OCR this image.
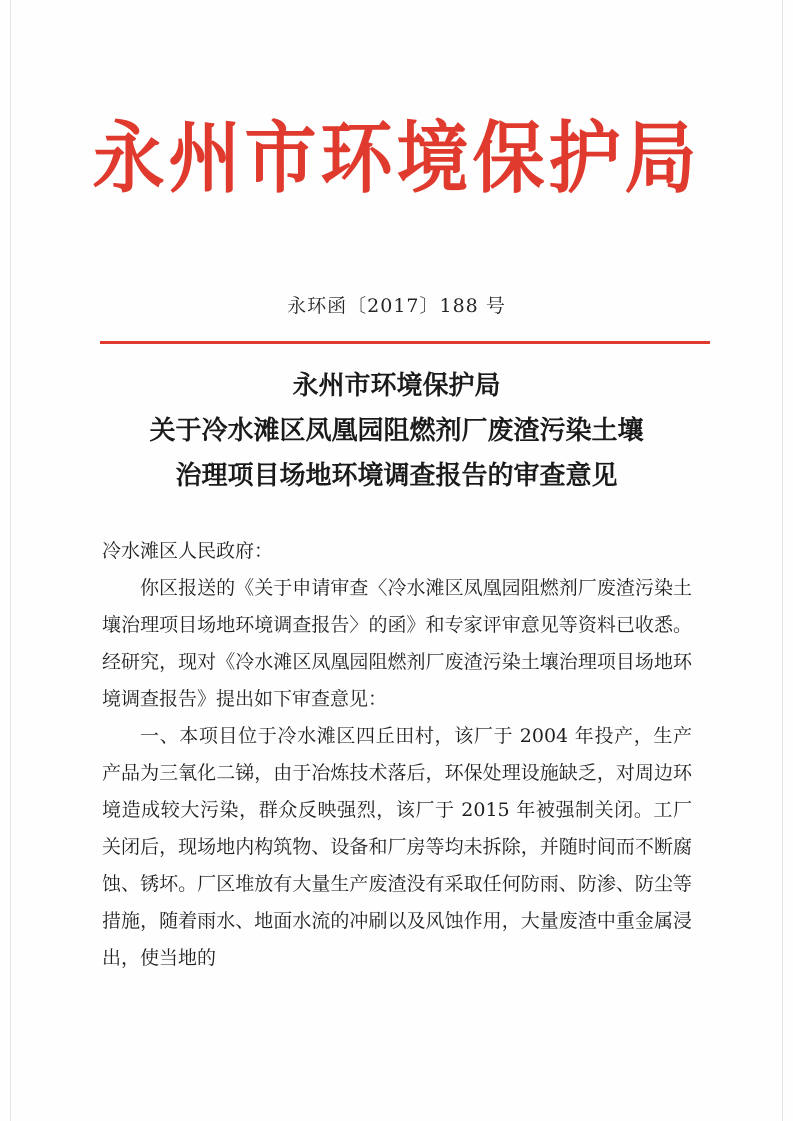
永州市环境保护局
永环函〔2017〕188 号
永州市环境保护局
关于冷水滩区凤凰园阻燃剂厂废渣污染土壤
治理项目场地环境调查报告的审查意见
冷水滩区人民政府：

你区报送的《关于申请审查〈冷水滩区凤凰园阻燃剂厂废渣污染土壤治理项目场地环境调查报告〉的函》和专家评审意见等资料已收悉。经研究，现对《冷水滩区凤凰园阻燃剂厂废渣污染土壤治理项目场地环境调查报告》提出如下审查意见：

一、本项目位于冷水滩区四丘田村，该厂于 2004 年投产，生产产品为三氧化二锑，由于冶炼技术落后，环保处理设施缺乏，对周边环境造成较大污染，群众反映强烈，该厂于 2015 年被强制关闭。工厂关闭后，现场地内构筑物、设备和厂房等均未拆除，并随时间而不断腐蚀、锈坏。厂区堆放有大量生产废渣没有采取任何防雨、防渗、防尘等措施，随着雨水、地面水流的冲刷以及风蚀作用，大量废渣中重金属浸出，使当地的
